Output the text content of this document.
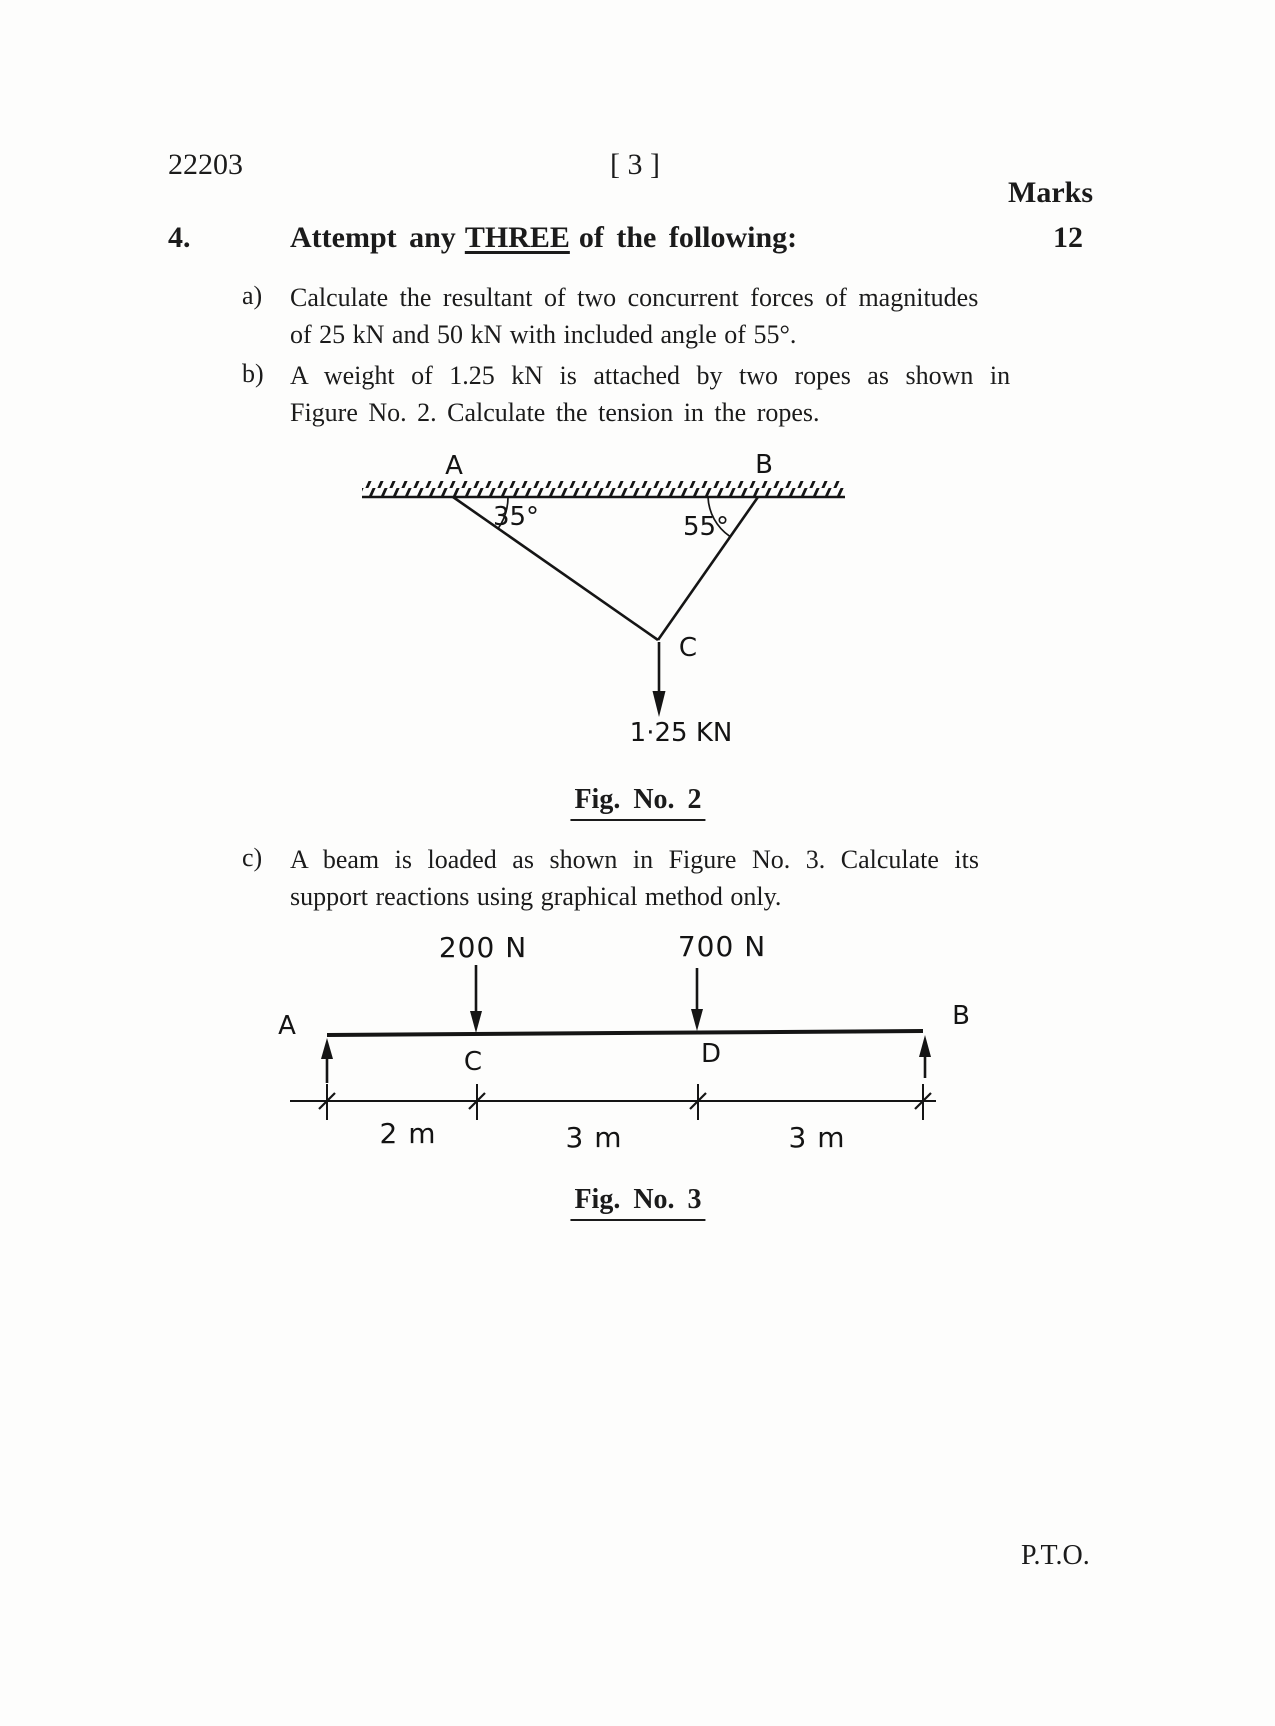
22203	[ 3 ]
Marks
4.	Attempt any THREE of the following:	12
a) Calculate the resultant of two concurrent forces of magnitudes
of 25 kN and 50 kN with included angle of 55°.
b) A weight of 1.25 kN is attached by two ropes as shown in
Figure No. 2. Calculate the tension in the ropes.
A	B
35°	55°
C
1·25 KN
Fig. No. 2
c) A beam is loaded as shown in Figure No. 3. Calculate its
support reactions using graphical method only.
200 N	700 N
A	B
C	D
2 m	3 m	3 m
Fig. No. 3
P.T.O.
